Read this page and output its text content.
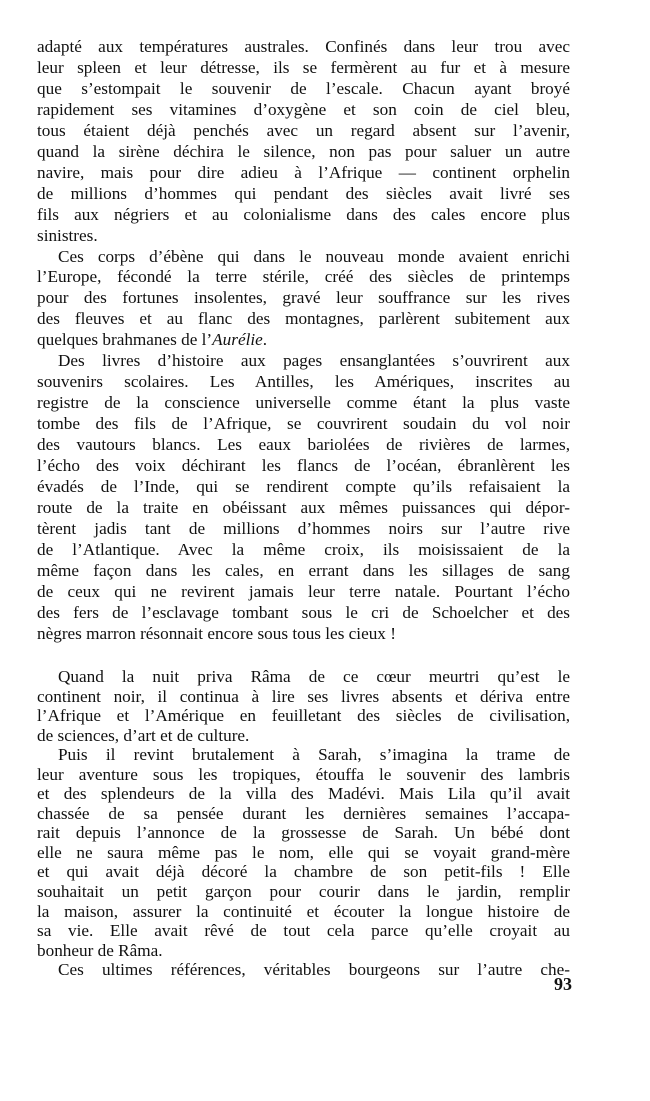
adapté aux températures australes. Confinés dans leur trou avec
leur spleen et leur détresse, ils se fermèrent au fur et à mesure
que s’estompait le souvenir de l’escale. Chacun ayant broyé
rapidement ses vitamines d’oxygène et son coin de ciel bleu,
tous étaient déjà penchés avec un regard absent sur l’avenir,
quand la sirène déchira le silence, non pas pour saluer un autre
navire, mais pour dire adieu à l’Afrique — continent orphelin
de millions d’hommes qui pendant des siècles avait livré ses
fils aux négriers et au colonialisme dans des cales encore plus
sinistres.
Ces corps d’ébène qui dans le nouveau monde avaient enrichi
l’Europe, fécondé la terre stérile, créé des siècles de printemps
pour des fortunes insolentes, gravé leur souffrance sur les rives
des fleuves et au flanc des montagnes, parlèrent subitement aux
quelques brahmanes de l’Aurélie.
Des livres d’histoire aux pages ensanglantées s’ouvrirent aux
souvenirs scolaires. Les Antilles, les Amériques, inscrites au
registre de la conscience universelle comme étant la plus vaste
tombe des fils de l’Afrique, se couvrirent soudain du vol noir
des vautours blancs. Les eaux bariolées de rivières de larmes,
l’écho des voix déchirant les flancs de l’océan, ébranlèrent les
évadés de l’Inde, qui se rendirent compte qu’ils refaisaient la
route de la traite en obéissant aux mêmes puissances qui dépor-
tèrent jadis tant de millions d’hommes noirs sur l’autre rive
de l’Atlantique. Avec la même croix, ils moisissaient de la
même façon dans les cales, en errant dans les sillages de sang
de ceux qui ne revirent jamais leur terre natale. Pourtant l’écho
des fers de l’esclavage tombant sous le cri de Schoelcher et des
nègres marron résonnait encore sous tous les cieux !
Quand la nuit priva Râma de ce cœur meurtri qu’est le
continent noir, il continua à lire ses livres absents et dériva entre
l’Afrique et l’Amérique en feuilletant des siècles de civilisation,
de sciences, d’art et de culture.
Puis il revint brutalement à Sarah, s’imagina la trame de
leur aventure sous les tropiques, étouffa le souvenir des lambris
et des splendeurs de la villa des Madévi. Mais Lila qu’il avait
chassée de sa pensée durant les dernières semaines l’accapa-
rait depuis l’annonce de la grossesse de Sarah. Un bébé dont
elle ne saura même pas le nom, elle qui se voyait grand-mère
et qui avait déjà décoré la chambre de son petit-fils ! Elle
souhaitait un petit garçon pour courir dans le jardin, remplir
la maison, assurer la continuité et écouter la longue histoire de
sa vie. Elle avait rêvé de tout cela parce qu’elle croyait au
bonheur de Râma.
Ces ultimes références, véritables bourgeons sur l’autre che-
93
